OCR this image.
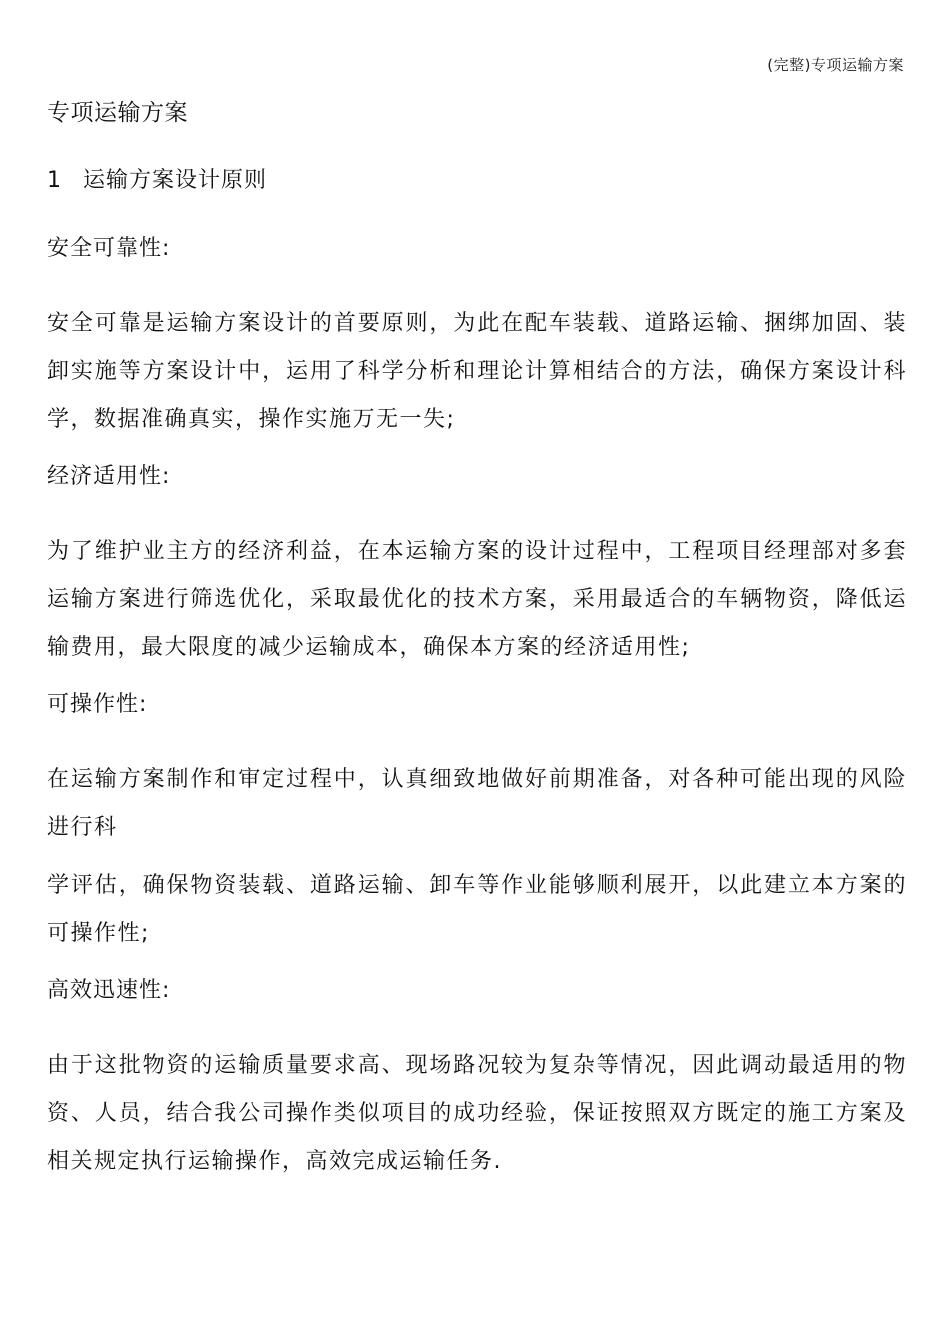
(完整)专项运输方案
专项运输方案
1 运输方案设计原则
安全可靠性:
安全可靠是运输方案设计的首要原则，为此在配车装载、道路运输、捆绑加固、装卸实施等方案设计中，运用了科学分析和理论计算相结合的方法，确保方案设计科学，数据准确真实，操作实施万无一失;
经济适用性:
为了维护业主方的经济利益，在本运输方案的设计过程中，工程项目经理部对多套运输方案进行筛选优化，采取最优化的技术方案，采用最适合的车辆物资，降低运输费用，最大限度的减少运输成本，确保本方案的经济适用性;
可操作性:
在运输方案制作和审定过程中，认真细致地做好前期准备，对各种可能出现的风险进行科
学评估，确保物资装载、道路运输、卸车等作业能够顺利展开，以此建立本方案的可操作性;
高效迅速性:
由于这批物资的运输质量要求高、现场路况较为复杂等情况，因此调动最适用的物资、人员，结合我公司操作类似项目的成功经验，保证按照双方既定的施工方案及相关规定执行运输操作，高效完成运输任务.
